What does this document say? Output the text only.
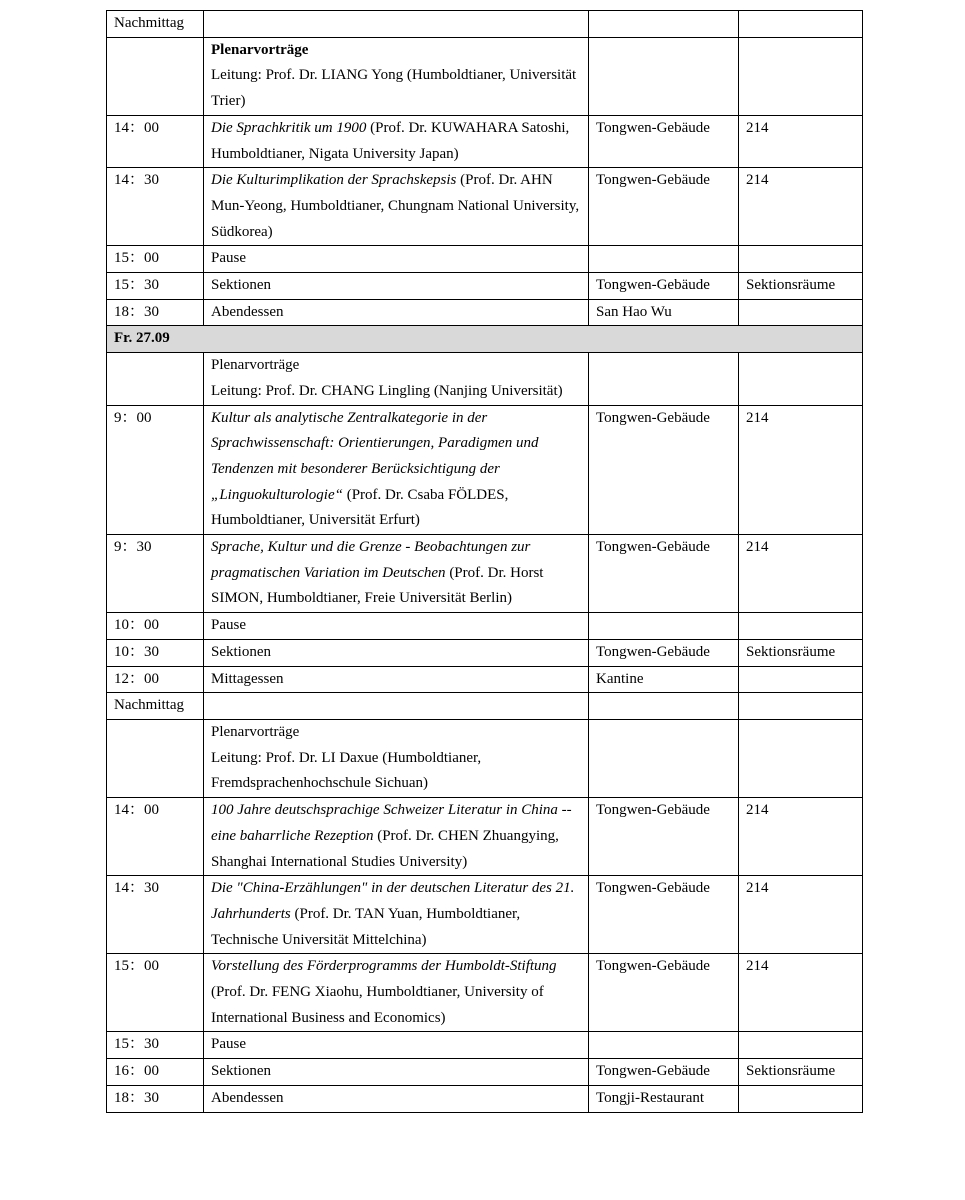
Nachmittag			

	Plenarvorträge
Leitung: Prof. Dr. LIANG Yong (Humboldtianer, Universität Trier)		

14：00	Die Sprachkritik um 1900 (Prof. Dr. KUWAHARA Satoshi, Humboldtianer, Nigata University Japan)	Tongwen-Gebäude	214
14：30	Die Kulturimplikation der Sprachskepsis (Prof. Dr. AHN Mun-Yeong, Humboldtianer, Chungnam National University, Südkorea)	Tongwen-Gebäude	214
15：00	Pause		
15：30	Sektionen	Tongwen-Gebäude	Sektionsräume
18：30	Abendessen	San Hao Wu	
Fr. 27.09			

	Plenarvorträge
Leitung: Prof. Dr. CHANG Lingling (Nanjing Universität)		

9：00	Kultur als analytische Zentralkategorie in der Sprachwissenschaft: Orientierungen, Paradigmen und Tendenzen mit besonderer Berücksichtigung der „Linguokulturologie“ (Prof. Dr. Csaba FÖLDES, Humboldtianer, Universität Erfurt)	Tongwen-Gebäude	214
9：30	Sprache, Kultur und die Grenze - Beobachtungen zur pragmatischen Variation im Deutschen (Prof. Dr. Horst SIMON, Humboldtianer, Freie Universität Berlin)	Tongwen-Gebäude	214
10：00	Pause		
10：30	Sektionen	Tongwen-Gebäude	Sektionsräume
12：00	Mittagessen	Kantine	
Nachmittag			

	Plenarvorträge
Leitung: Prof. Dr. LI Daxue (Humboldtianer, Fremdsprachenhochschule Sichuan)		

14：00	100 Jahre deutschsprachige Schweizer Literatur in China -- eine baharrliche Rezeption (Prof. Dr. CHEN Zhuangying, Shanghai International Studies University)	Tongwen-Gebäude	214
14：30	Die "China-Erzählungen" in der deutschen Literatur des 21. Jahrhunderts (Prof. Dr. TAN Yuan, Humboldtianer, Technische Universität Mittelchina)	Tongwen-Gebäude	214
15：00	Vorstellung des Förderprogramms der Humboldt-Stiftung (Prof. Dr. FENG Xiaohu, Humboldtianer, University of International Business and Economics)	Tongwen-Gebäude	214
15：30	Pause		
16：00	Sektionen	Tongwen-Gebäude	Sektionsräume
18：30	Abendessen	Tongji-Restaurant	
